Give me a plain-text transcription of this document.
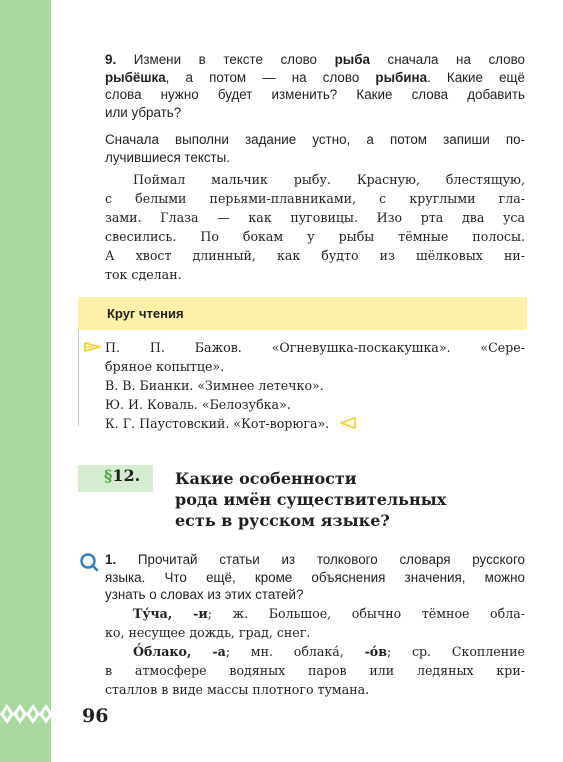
9. Измени в тексте слово рыба сначала на слово
рыбёшка, а потом — на слово рыбина. Какие ещё
слова нужно будет изменить? Какие слова добавить
или убрать?
Сначала выполни задание устно, а потом запиши по-
лучившиеся тексты.
Поймал мальчик рыбу. Красную, блестящую,
с белыми перьями-плавниками, с круглыми гла-
зами. Глаза — как пуговицы. Изо рта два уса
свесились. По бокам у рыбы тёмные полосы.
А хвост длинный, как будто из шёлковых ни-
ток сделан.
Круг чтения
П. П. Бажов. «Огневушка-поскакушка». «Сере-
бряное копытце».
В. В. Бианки. «Зимнее летечко».
Ю. И. Коваль. «Белозубка».
К. Г. Паустовский. «Кот-ворюга».
§12. Какие особенности
рода имён существительных
есть в русском языке?
1. Прочитай статьи из толкового словаря русского
языка. Что ещё, кроме объяснения значения, можно
узнать о словах из этих статей?
Ту́ча, -и; ж. Большое, обычно тёмное обла-
ко, несущее дождь, град, снег.
О́блако, -а; мн. облака́, -о́в; ср. Скопление
в атмосфере водяных паров или ледяных кри-
сталлов в виде массы плотного тумана.
96
